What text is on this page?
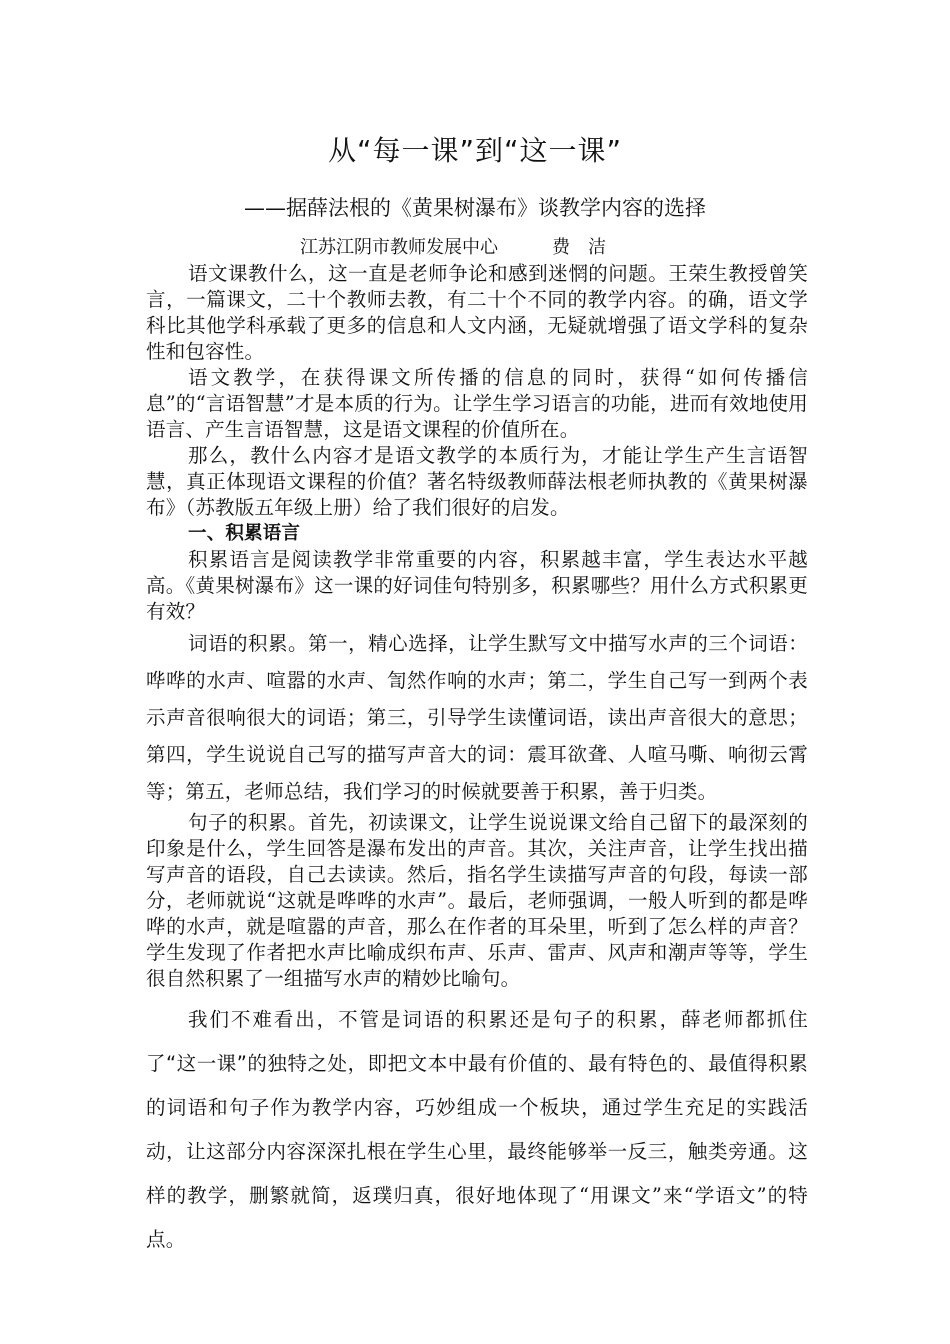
从“每一课”到“这一课”
——据薛法根的《黄果树瀑布》谈教学内容的选择
江苏江阴市教师发展中心　　　费　洁

语文课教什么，这一直是老师争论和感到迷惘的问题。王荣生教授曾笑言，一篇课文，二十个教师去教，有二十个不同的教学内容。的确，语文学科比其他学科承载了更多的信息和人文内涵，无疑就增强了语文学科的复杂性和包容性。

语文教学，在获得课文所传播的信息的同时，获得“如何传播信息”的“言语智慧”才是本质的行为。让学生学习语言的功能，进而有效地使用语言、产生言语智慧，这是语文课程的价值所在。

那么，教什么内容才是语文教学的本质行为，才能让学生产生言语智慧，真正体现语文课程的价值？著名特级教师薛法根老师执教的《黄果树瀑布》（苏教版五年级上册）给了我们很好的启发。

一、积累语言

积累语言是阅读教学非常重要的内容，积累越丰富，学生表达水平越高。《黄果树瀑布》这一课的好词佳句特别多，积累哪些？用什么方式积累更有效？

词语的积累。第一，精心选择，让学生默写文中描写水声的三个词语：哗哗的水声、喧嚣的水声、訇然作响的水声；第二，学生自己写一到两个表示声音很响很大的词语；第三，引导学生读懂词语，读出声音很大的意思；第四，学生说说自己写的描写声音大的词：震耳欲聋、人喧马嘶、响彻云霄等；第五，老师总结，我们学习的时候就要善于积累，善于归类。

句子的积累。首先，初读课文，让学生说说课文给自己留下的最深刻的印象是什么，学生回答是瀑布发出的声音。其次，关注声音，让学生找出描写声音的语段，自己去读读。然后，指名学生读描写声音的句段，每读一部分，老师就说“这就是哗哗的水声”。最后，老师强调，一般人听到的都是哗哗的水声，就是喧嚣的声音，那么在作者的耳朵里，听到了怎么样的声音？学生发现了作者把水声比喻成织布声、乐声、雷声、风声和潮声等等，学生很自然积累了一组描写水声的精妙比喻句。

我们不难看出，不管是词语的积累还是句子的积累，薛老师都抓住了“这一课”的独特之处，即把文本中最有价值的、最有特色的、最值得积累的词语和句子作为教学内容，巧妙组成一个板块，通过学生充足的实践活动，让这部分内容深深扎根在学生心里，最终能够举一反三，触类旁通。这样的教学，删繁就简，返璞归真，很好地体现了“用课文”来“学语文”的特点。
